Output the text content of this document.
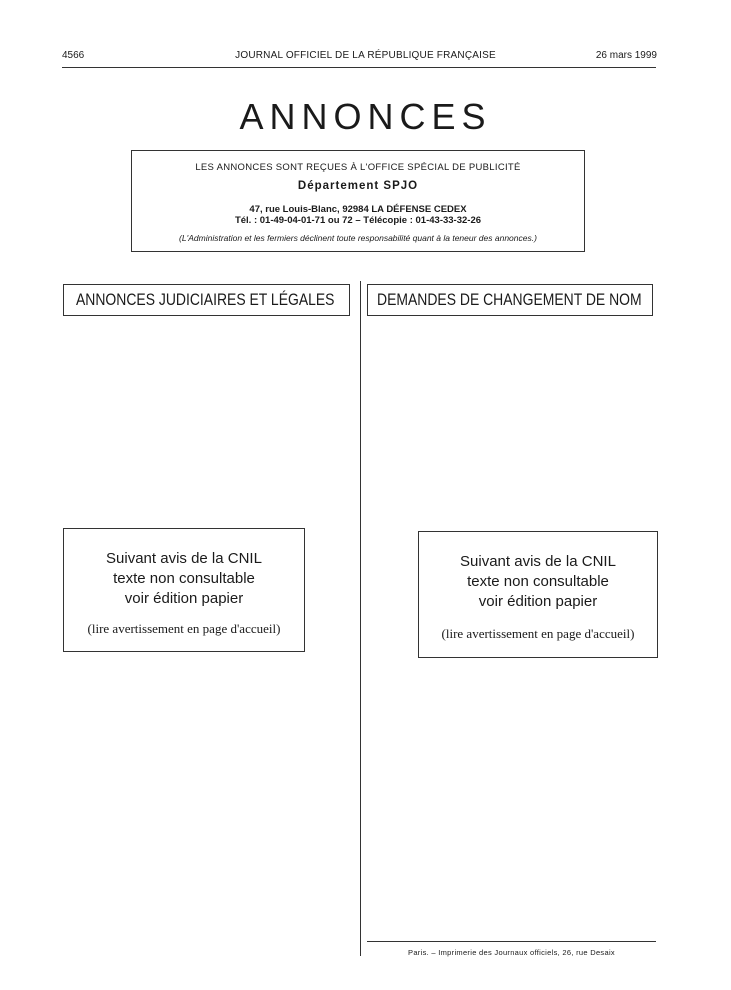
4566	JOURNAL OFFICIEL DE LA RÉPUBLIQUE FRANÇAISE	26 mars 1999
ANNONCES
LES ANNONCES SONT REÇUES À L'OFFICE SPÉCIAL DE PUBLICITÉ
Département SPJO
47, rue Louis-Blanc, 92984 LA DÉFENSE CEDEX
Tél. : 01-49-04-01-71 ou 72 – Télécopie : 01-43-33-32-26
(L'Administration et les fermiers déclinent toute responsabilité quant à la teneur des annonces.)
ANNONCES JUDICIAIRES ET LÉGALES	DEMANDES DE CHANGEMENT DE NOM
Suivant avis de la CNIL
texte non consultable
voir édition papier
(lire avertissement en page d'accueil)
Suivant avis de la CNIL
texte non consultable
voir édition papier
(lire avertissement en page d'accueil)
Paris. – Imprimerie des Journaux officiels, 26, rue Desaix
